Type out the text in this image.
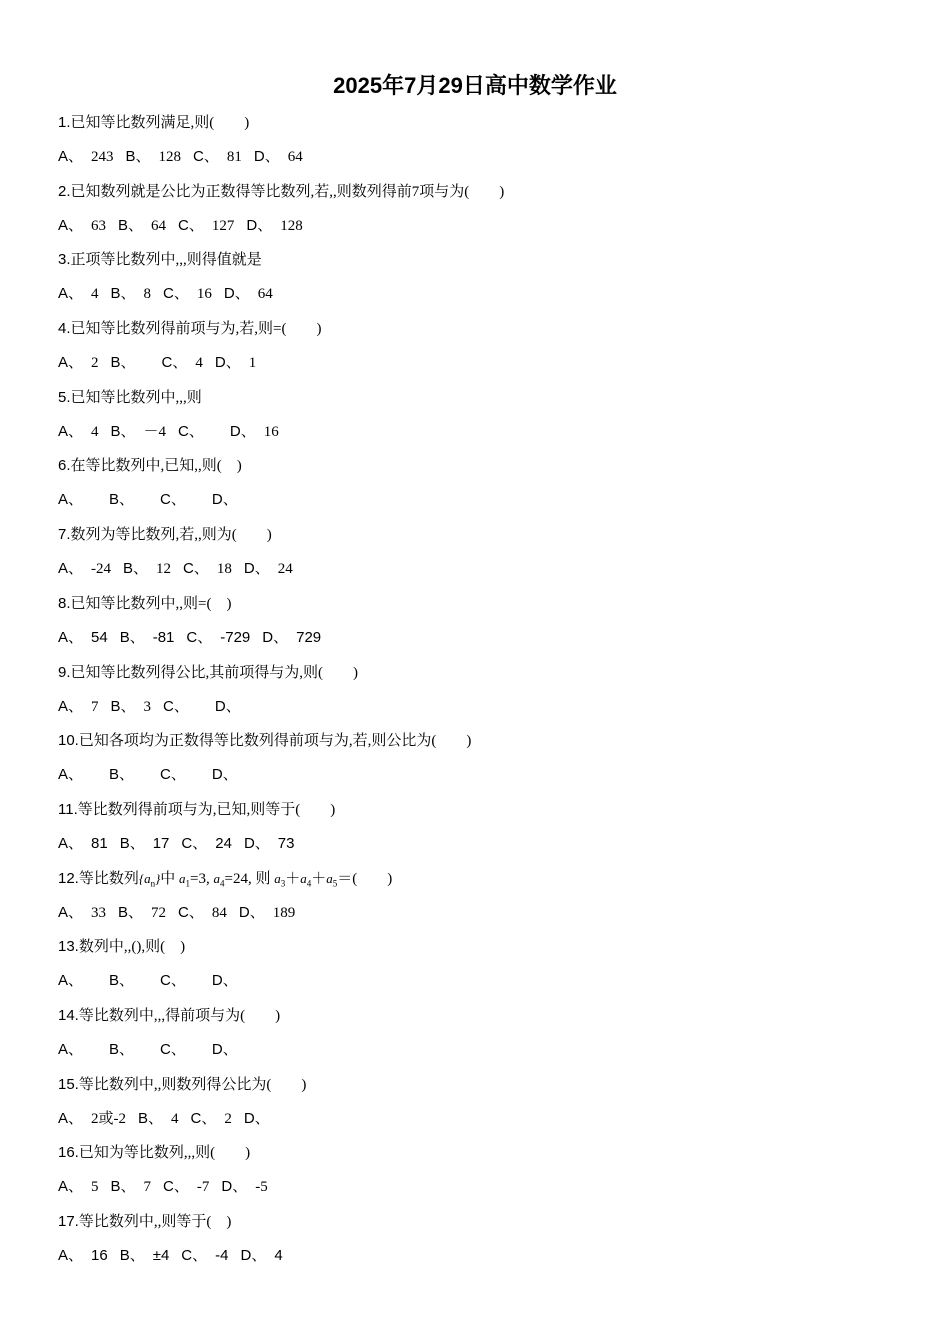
2025年7月29日高中数学作业
1.已知等比数列满足,则(　　)
A、 243 B、 128 C、 81 D、 64
2.已知数列就是公比为正数得等比数列,若,,则数列得前7项与为(　　)
A、 63 B、 64 C、 127 D、 128
3.正项等比数列中,,,则得值就是
A、 4 B、 8 C、 16 D、 64
4.已知等比数列得前项与为,若,则=(　　)
A、 2 B、 C、 4 D、 1
5.已知等比数列中,,,则
A、 4 B、 －4 C、 D、 16
6.在等比数列中,已知,,则(　)
A、 B、 C、 D、
7.数列为等比数列,若,,则为(　　)
A、 -24 B、 12 C、 18 D、 24
8.已知等比数列中,,则=(　)
A、 54 B、 -81 C、 -729 D、 729
9.已知等比数列得公比,其前项得与为,则(　　)
A、 7 B、 3 C、 D、
10.已知各项均为正数得等比数列得前项与为,若,则公比为(　　)
A、 B、 C、 D、
11.等比数列得前项与为,已知,则等于(　　)
A、 81 B、 17 C、 24 D、 73
12.等比数列$\{a_n\}$中 $a_1=3$, $a_4=24$, 则 $a_3+a_4+a_5=$(　　)
A、 33 B、 72 C、 84 D、 189
13.数列中,,(),则(　)
A、 B、 C、 D、
14.等比数列中,,,得前项与为(　　)
A、 B、 C、 D、
15.等比数列中,,则数列得公比为(　　)
A、 2或-2 B、 4 C、 2 D、
16.已知为等比数列,,,则(　　)
A、 5 B、 7 C、 -7 D、 -5
17.等比数列中,,则等于(　)
A、 16 B、 ±4 C、 -4 D、 4
